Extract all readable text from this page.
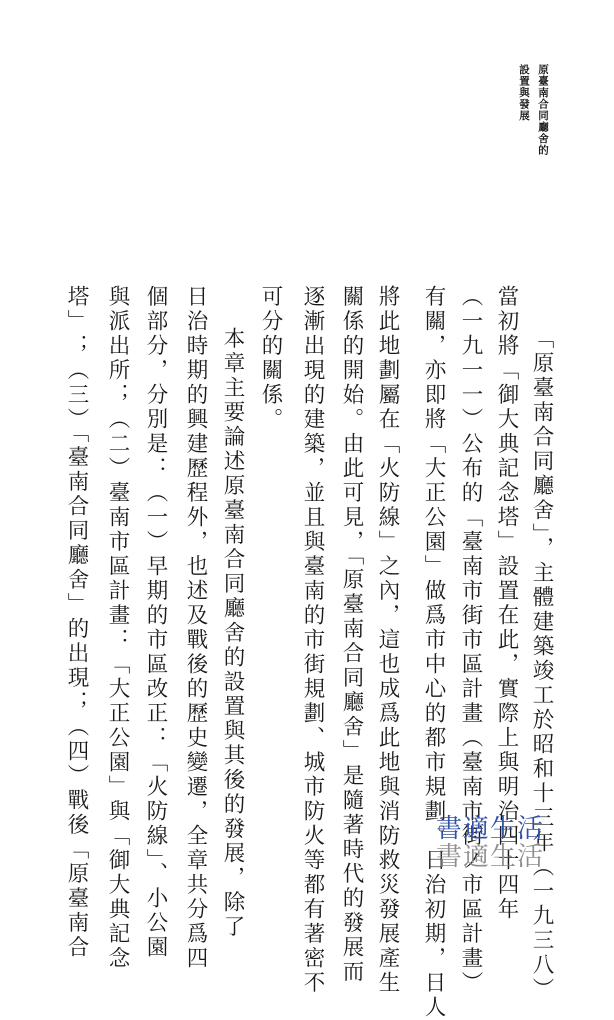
原臺南合同廳舍的
設置與發展
「原臺南合同廳舍」，主體建築竣工於昭和十三年（一九三八）
當初將「御大典記念塔」設置在此，實際上與明治四十四年
（一九一一）公布的「臺南市街市區計畫（臺南市街ノ市區計畫）
有關，亦即將「大正公園」做爲市中心的都市規劃。日治初期，日人
將此地劃屬在「火防線」之內，這也成爲此地與消防救災發展產生
關係的開始。由此可見，「原臺南合同廳舍」是隨著時代的發展而
逐漸出現的建築，並且與臺南的市街規劃、城市防火等都有著密不
可分的關係。
本章主要論述原臺南合同廳舍的設置與其後的發展，除了
日治時期的興建歷程外，也述及戰後的歷史變遷，全章共分爲四
個部分，分別是：（一）早期的市區改正：「火防線」、小公園
與派出所；（二）臺南市區計畫：「大正公園」與「御大典記念
塔」；（三）「臺南合同廳舍」的出現；（四）戰後「原臺南合	書適生活
書適生活
